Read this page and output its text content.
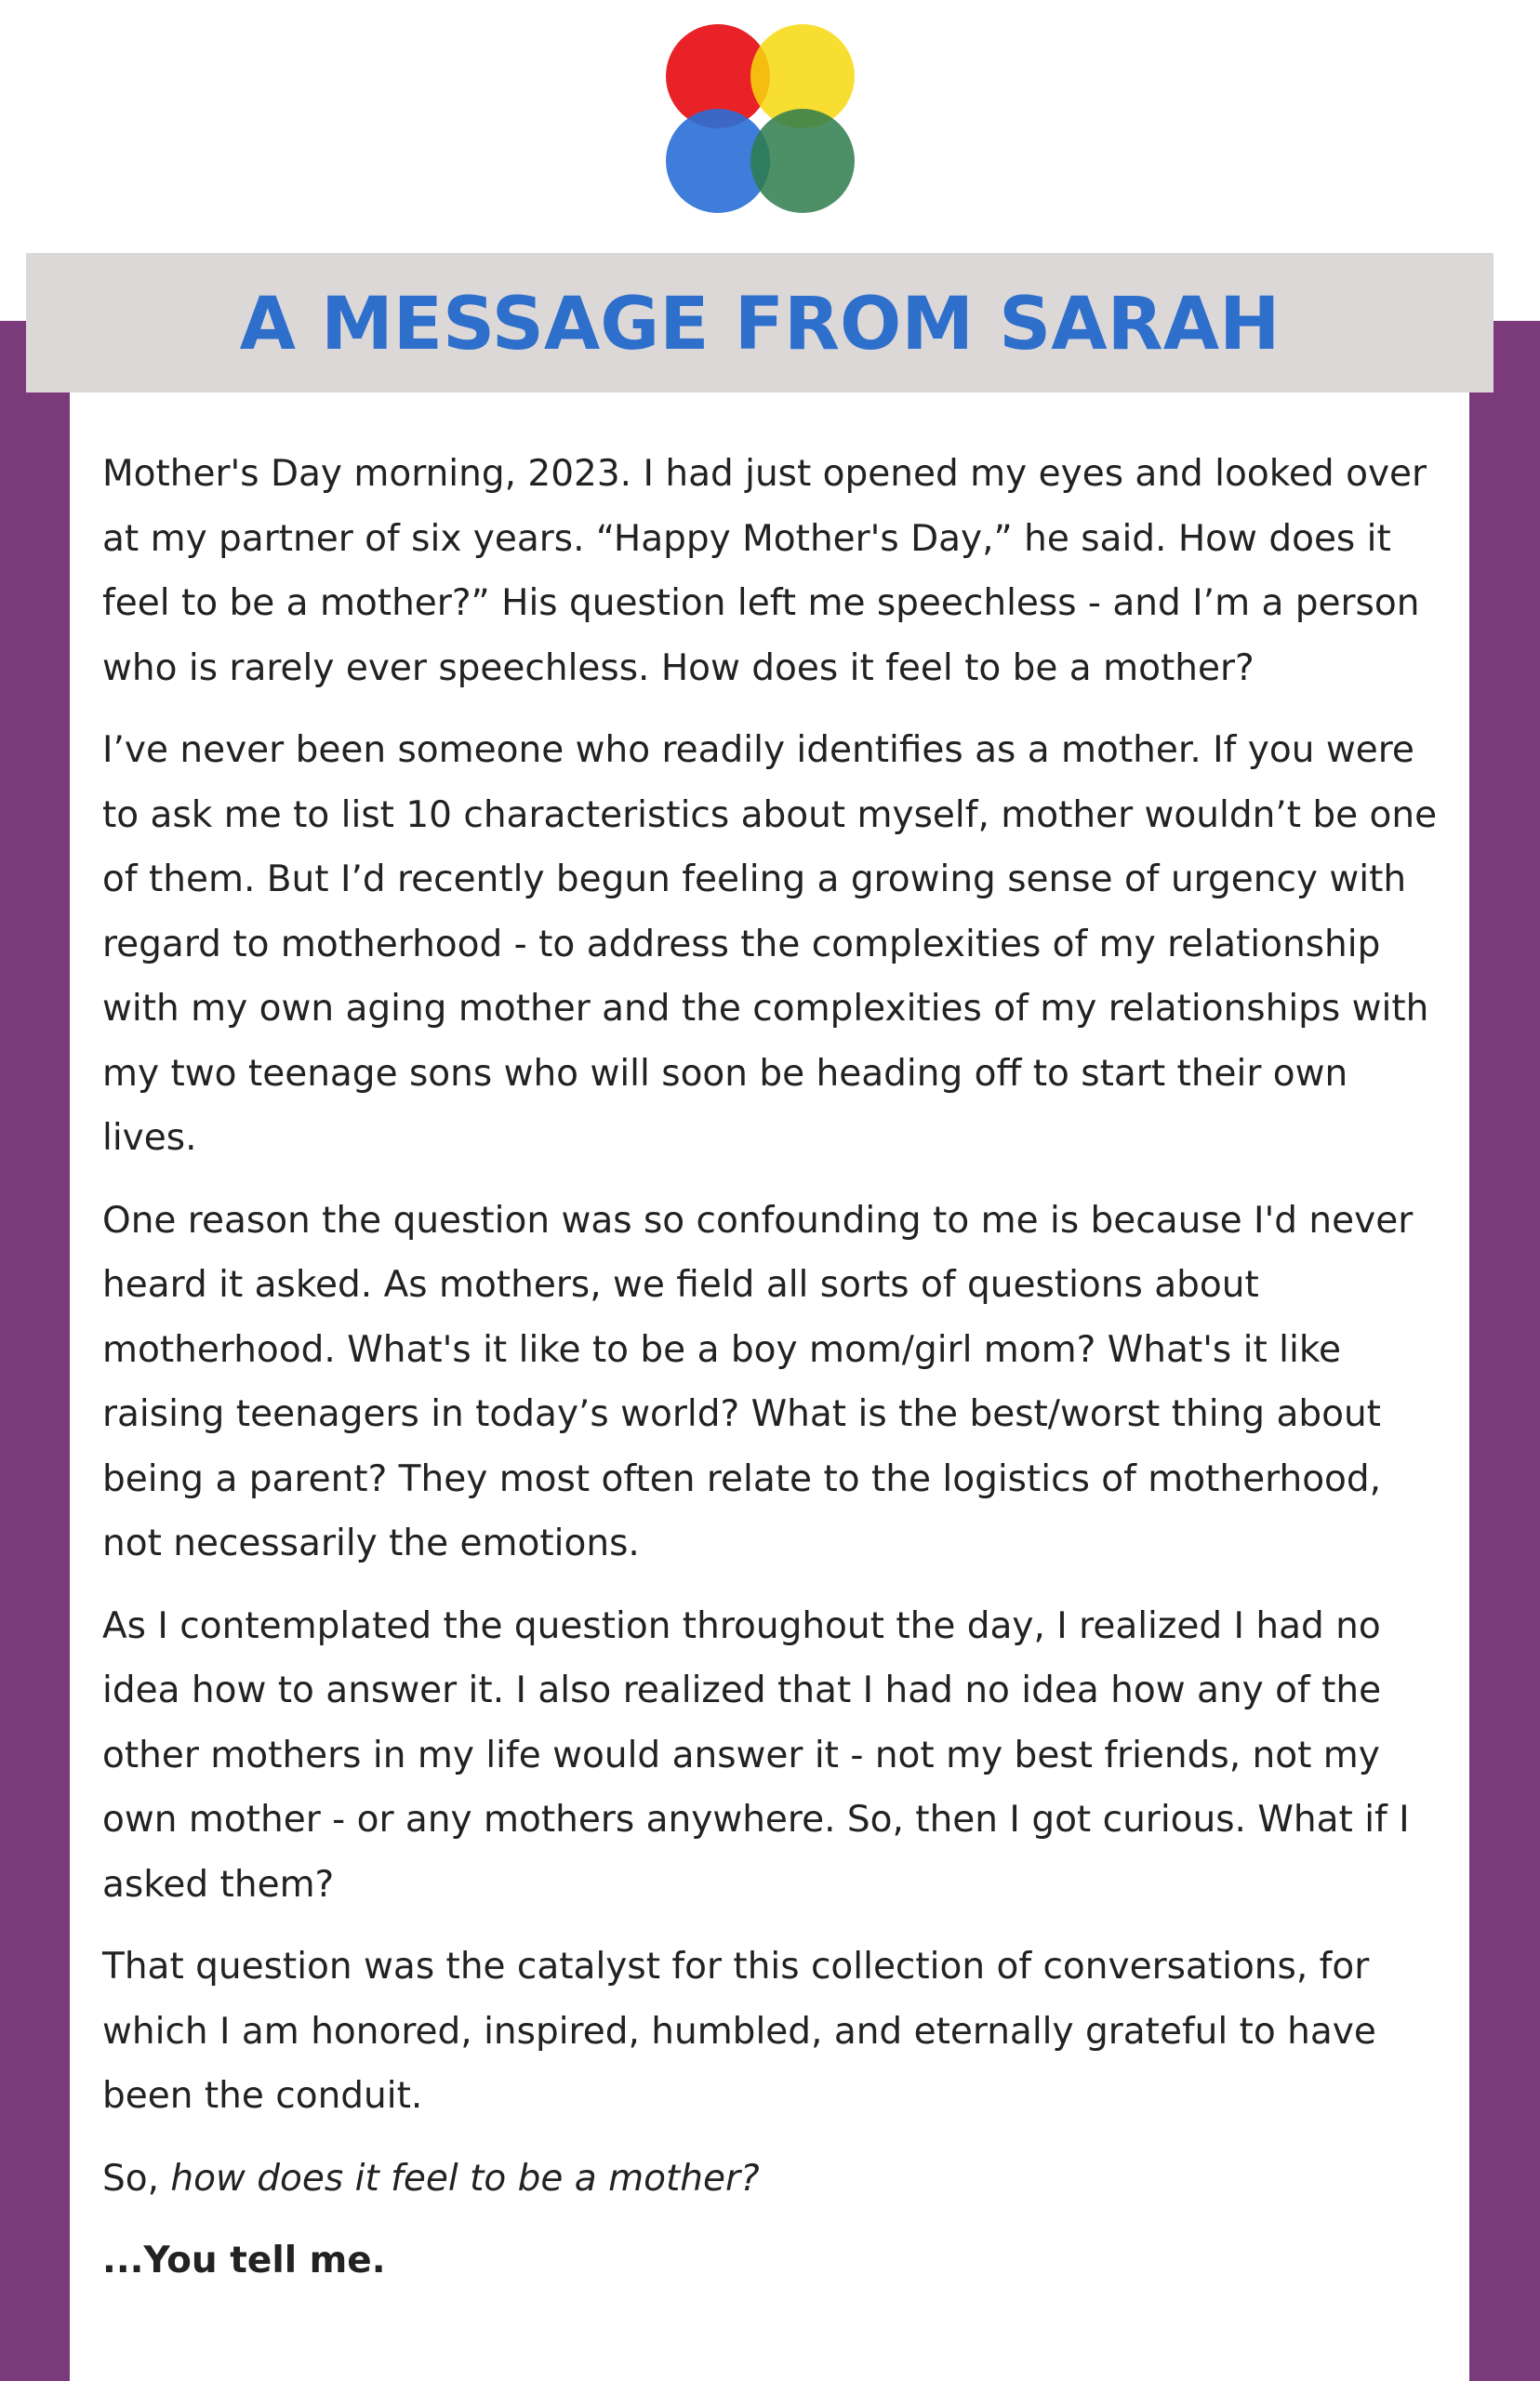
A MESSAGE FROM SARAH

Mother's Day morning, 2023. I had just opened my eyes and looked over at my partner of six years. “Happy Mother's Day,” he said. How does it feel to be a mother?” His question left me speechless - and I’m a person who is rarely ever speechless. How does it feel to be a mother?

I’ve never been someone who readily identifies as a mother. If you were to ask me to list 10 characteristics about myself, mother wouldn’t be one of them. But I’d recently begun feeling a growing sense of urgency with regard to motherhood - to address the complexities of my relationship with my own aging mother and the complexities of my relationships with my two teenage sons who will soon be heading off to start their own lives.

One reason the question was so confounding to me is because I'd never heard it asked. As mothers, we field all sorts of questions about motherhood. What's it like to be a boy mom/girl mom? What's it like raising teenagers in today’s world? What is the best/worst thing about being a parent? They most often relate to the logistics of motherhood, not necessarily the emotions.

As I contemplated the question throughout the day, I realized I had no idea how to answer it. I also realized that I had no idea how any of the other mothers in my life would answer it - not my best friends, not my own mother - or any mothers anywhere. So, then I got curious. What if I asked them?

That question was the catalyst for this collection of conversations, for which I am honored, inspired, humbled, and eternally grateful to have been the conduit.

So, how does it feel to be a mother?

...You tell me.
